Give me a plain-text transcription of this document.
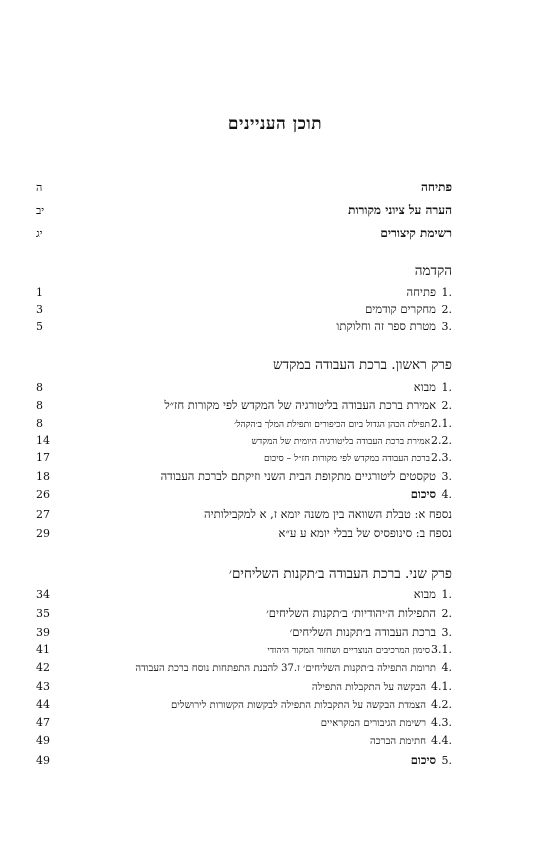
תוכן העניינים
פתיחה
ה
הערה על ציוני מקורות
יב
רשימת קיצורים
יג
הקדמה
1.
פתיחה
1
2.
מחקרים קודמים
3
3.
מטרת ספר זה וחלוקתו
5
פרק ראשון. ברכת העבודה במקדש
1.
מבוא
8
2.
אמירת ברכת העבודה בליטורגיה של המקדש לפי מקורות חז״ל
8
2.1.
תפילת הכהן הגדול ביום הכיפורים ותפילת המלך ב׳הקהל׳
8
2.2.
אמירת ברכת העבודה בליטורגיה היומית של המקדש
14
2.3.
ברכת העבודה במקדש לפי מקורות חז״ל – סיכום
17
3.
טקסטים ליטורגיים מתקופת הבית השני וזיקתם לברכת העבודה
18
4.
סיכום
26
נספח א: טבלת השוואה בין משנה יומא ז, א למקבילותיה
27
נספח ב: סינופסיס של בבלי יומא ע ע״א
29
פרק שני. ברכת העבודה ב׳תקנות השליחים׳
1.
מבוא
34
2.
התפילות ה׳יהודיות׳ ב׳תקנות השליחים׳
35
3.
ברכת העבודה ב׳תקנות השליחים׳
39
3.1.
סימון המרכיבים הנוצריים ושחזור המקור היהודי
41
4.
תרומת התפילה ב׳תקנות השליחים׳ ז.37 להבנת התפתחות נוסח ברכת העבודה
42
4.1.
הבקשה על התקבלות התפילה
43
4.2.
הצמדת הבקשה על התקבלות התפילה לבקשות הקשורות לירושלים
44
4.3.
רשימת הגיבורים המקראיים
47
4.4.
חתימת הברכה
49
5.
סיכום
49
